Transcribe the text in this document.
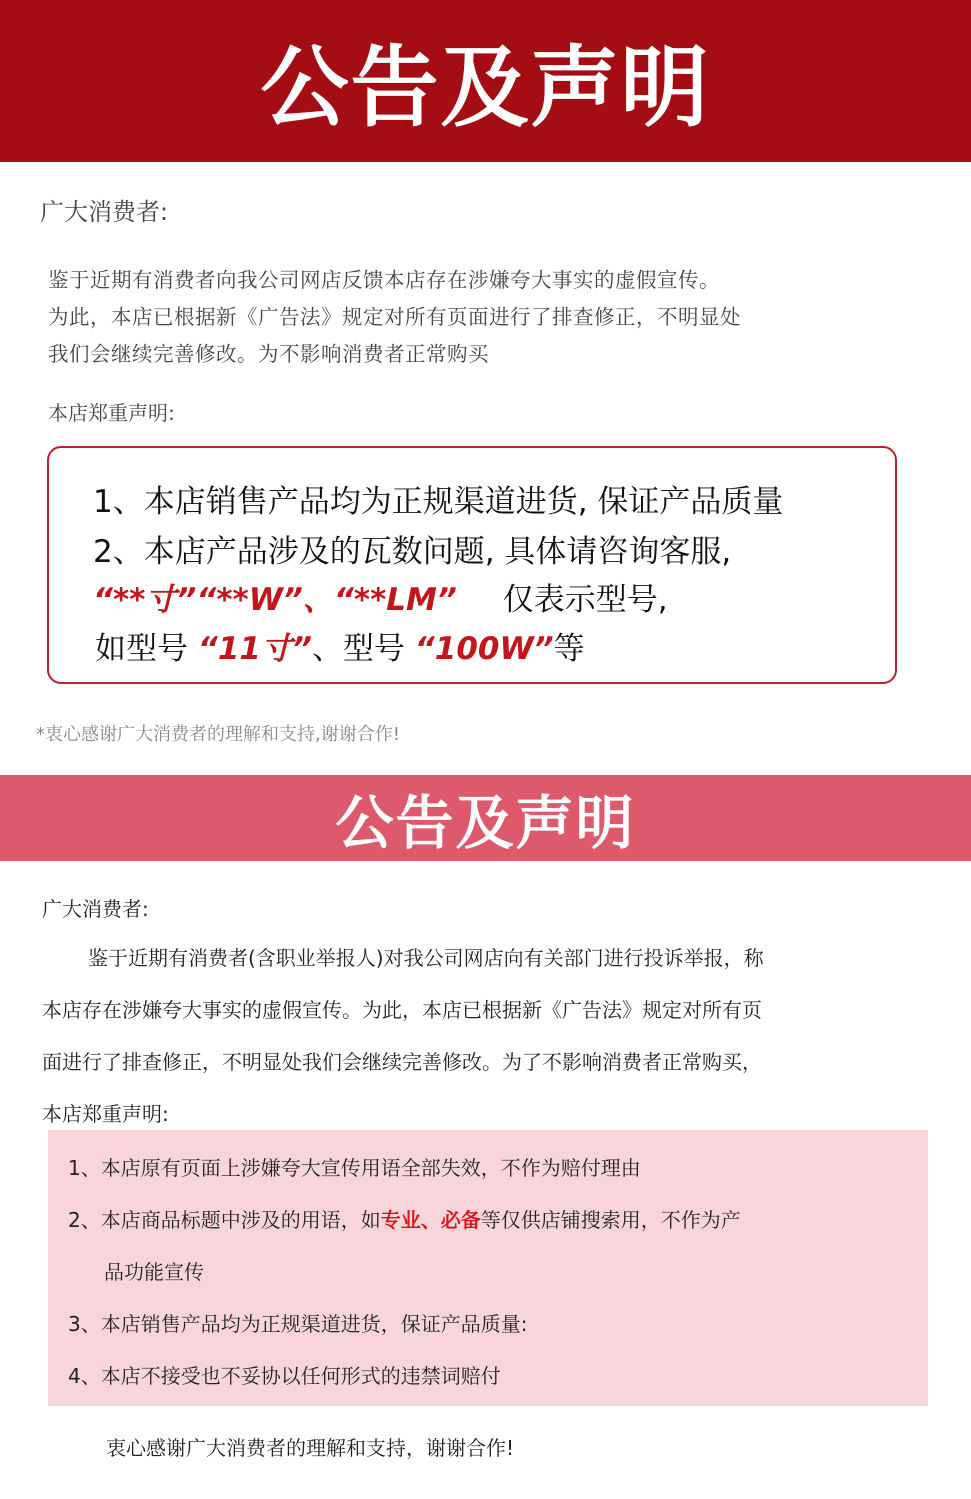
公告及声明
广大消费者:
鉴于近期有消费者向我公司网店反馈本店存在涉嫌夸大事实的虚假宣传。
为此，本店已根据新《广告法》规定对所有页面进行了排查修正，不明显处
我们会继续完善修改。为不影响消费者正常购买
本店郑重声明:
1、本店销售产品均为正规渠道进货, 保证产品质量
2、本店产品涉及的瓦数问题, 具体请咨询客服,
“**寸”“**W”、“**LM” 仅表示型号,
如型号 “11寸”、型号 “100W”等
*衷心感谢广大消费者的理解和支持,谢谢合作!
公告及声明
广大消费者:
鉴于近期有消费者(含职业举报人)对我公司网店向有关部门进行投诉举报，称
本店存在涉嫌夸大事实的虚假宣传。为此，本店已根据新《广告法》规定对所有页
面进行了排查修正，不明显处我们会继续完善修改。为了不影响消费者正常购买，
本店郑重声明:
1、本店原有页面上涉嫌夸大宣传用语全部失效，不作为赔付理由
2、本店商品标题中涉及的用语，如专业、必备等仅供店铺搜索用，不作为产
品功能宣传
3、本店销售产品均为正规渠道进货，保证产品质量:
4、本店不接受也不妥协以任何形式的违禁词赔付
衷心感谢广大消费者的理解和支持，谢谢合作!
